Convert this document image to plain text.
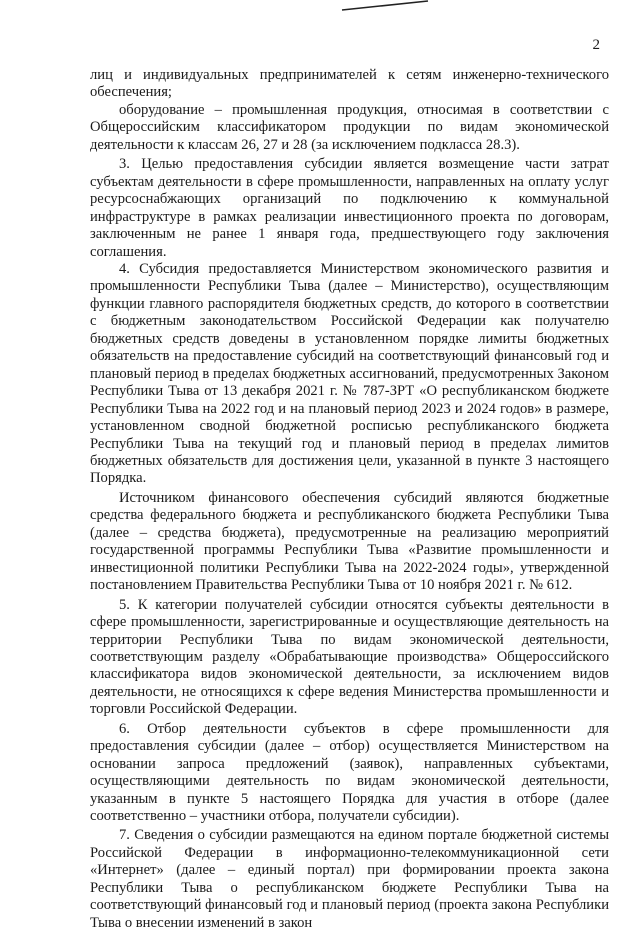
2

лиц и индивидуальных предпринимателей к сетям инженерно-технического обеспечения;

оборудование – промышленная продукция, относимая в соответствии с Общероссийским классификатором продукции по видам экономической деятельности к классам 26, 27 и 28 (за исключением подкласса 28.3).

3. Целью предоставления субсидии является возмещение части затрат субъектам деятельности в сфере промышленности, направленных на оплату услуг ресурсоснабжающих организаций по подключению к коммунальной инфраструктуре в рамках реализации инвестиционного проекта по договорам, заключенным не ранее 1 января года, предшествующего году заключения соглашения.

4. Субсидия предоставляется Министерством экономического развития и промышленности Республики Тыва (далее – Министерство), осуществляющим функции главного распорядителя бюджетных средств, до которого в соответствии с бюджетным законодательством Российской Федерации как получателю бюджетных средств доведены в установленном порядке лимиты бюджетных обязательств на предоставление субсидий на соответствующий финансовый год и плановый период в пределах бюджетных ассигнований, предусмотренных Законом Республики Тыва от 13 декабря 2021 г. № 787-ЗРТ «О республиканском бюджете Республики Тыва на 2022 год и на плановый период 2023 и 2024 годов» в размере, установленном сводной бюджетной росписью республиканского бюджета Республики Тыва на текущий год и плановый период в пределах лимитов бюджетных обязательств для достижения цели, указанной в пункте 3 настоящего Порядка.

Источником финансового обеспечения субсидий являются бюджетные средства федерального бюджета и республиканского бюджета Республики Тыва (далее – средства бюджета), предусмотренные на реализацию мероприятий государственной программы Республики Тыва «Развитие промышленности и инвестиционной политики Республики Тыва на 2022-2024 годы», утвержденной постановлением Правительства Республики Тыва от 10 ноября 2021 г. № 612.

5. К категории получателей субсидии относятся субъекты деятельности в сфере промышленности, зарегистрированные и осуществляющие деятельность на территории Республики Тыва по видам экономической деятельности, соответствующим разделу «Обрабатывающие производства» Общероссийского классификатора видов экономической деятельности, за исключением видов деятельности, не относящихся к сфере ведения Министерства промышленности и торговли Российской Федерации.

6. Отбор деятельности субъектов в сфере промышленности для предоставления субсидии (далее – отбор) осуществляется Министерством на основании запроса предложений (заявок), направленных субъектами, осуществляющими деятельность по видам экономической деятельности, указанным в пункте 5 настоящего Порядка для участия в отборе (далее соответственно – участники отбора, получатели субсидии).

7. Сведения о субсидии размещаются на едином портале бюджетной системы Российской Федерации в информационно-телекоммуникационной сети «Интернет» (далее – единый портал) при формировании проекта закона Республики Тыва о республиканском бюджете Республики Тыва на соответствующий финансовый год и плановый период (проекта закона Республики Тыва о внесении изменений в закон
